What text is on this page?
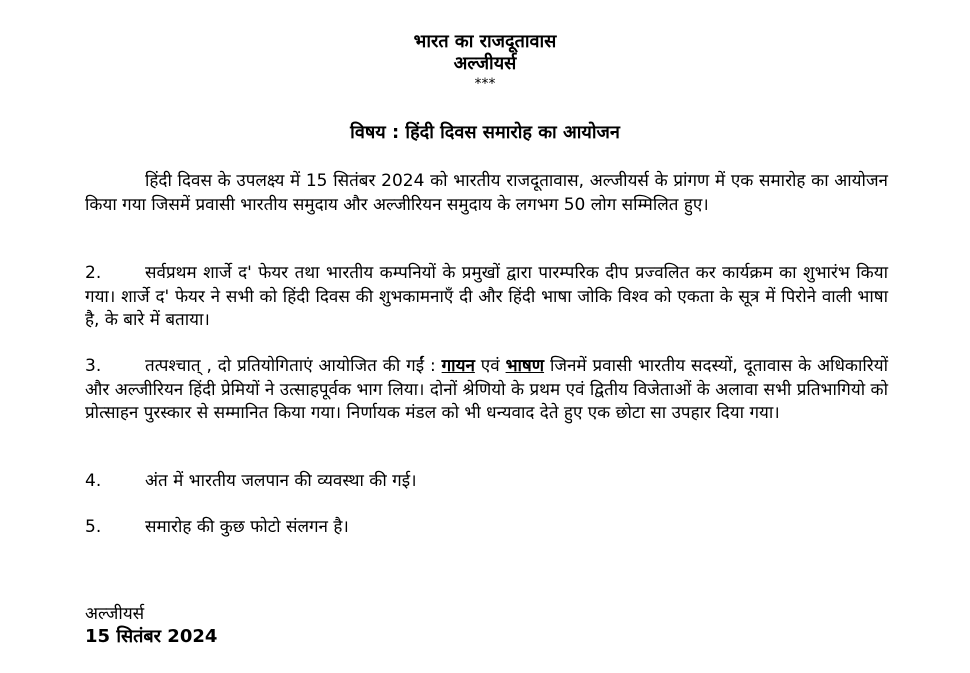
भारत का राजदूतावास
अल्जीयर्स
***
विषय : हिंदी दिवस समारोह का आयोजन

हिंदी दिवस के उपलक्ष्य में 15 सितंबर 2024 को भारतीय राजदूतावास, अल्जीयर्स के प्रांगण में एक समारोह का आयोजन किया गया जिसमें प्रवासी भारतीय समुदाय और अल्जीरियन समुदाय के लगभग 50 लोग सम्मिलित हुए।

2.	सर्वप्रथम शार्जे द' फेयर तथा भारतीय कम्पनियों के प्रमुखों द्वारा पारम्परिक दीप प्रज्वलित कर कार्यक्रम का शुभारंभ किया गया। शार्जे द' फेयर ने सभी को हिंदी दिवस की शुभकामनाएँ दी और हिंदी भाषा जोकि विश्व को एकता के सूत्र में पिरोने वाली भाषा है, के बारे में बताया।

3.	तत्पश्चात् , दो प्रतियोगिताएं आयोजित की गईं : गायन एवं भाषण जिनमें प्रवासी भारतीय सदस्यों, दूतावास के अधिकारियों और अल्जीरियन हिंदी प्रेमियों ने उत्साहपूर्वक भाग लिया। दोनों श्रेणियो के प्रथम एवं द्वितीय विजेताओं के अलावा सभी प्रतिभागियो को प्रोत्साहन पुरस्कार से सम्मानित किया गया। निर्णायक मंडल को भी धन्यवाद देते हुए एक छोटा सा उपहार दिया गया।

4.	अंत में भारतीय जलपान की व्यवस्था की गई।

5.	समारोह की कुछ फोटो संलगन है।

अल्जीयर्स
15 सितंबर 2024
